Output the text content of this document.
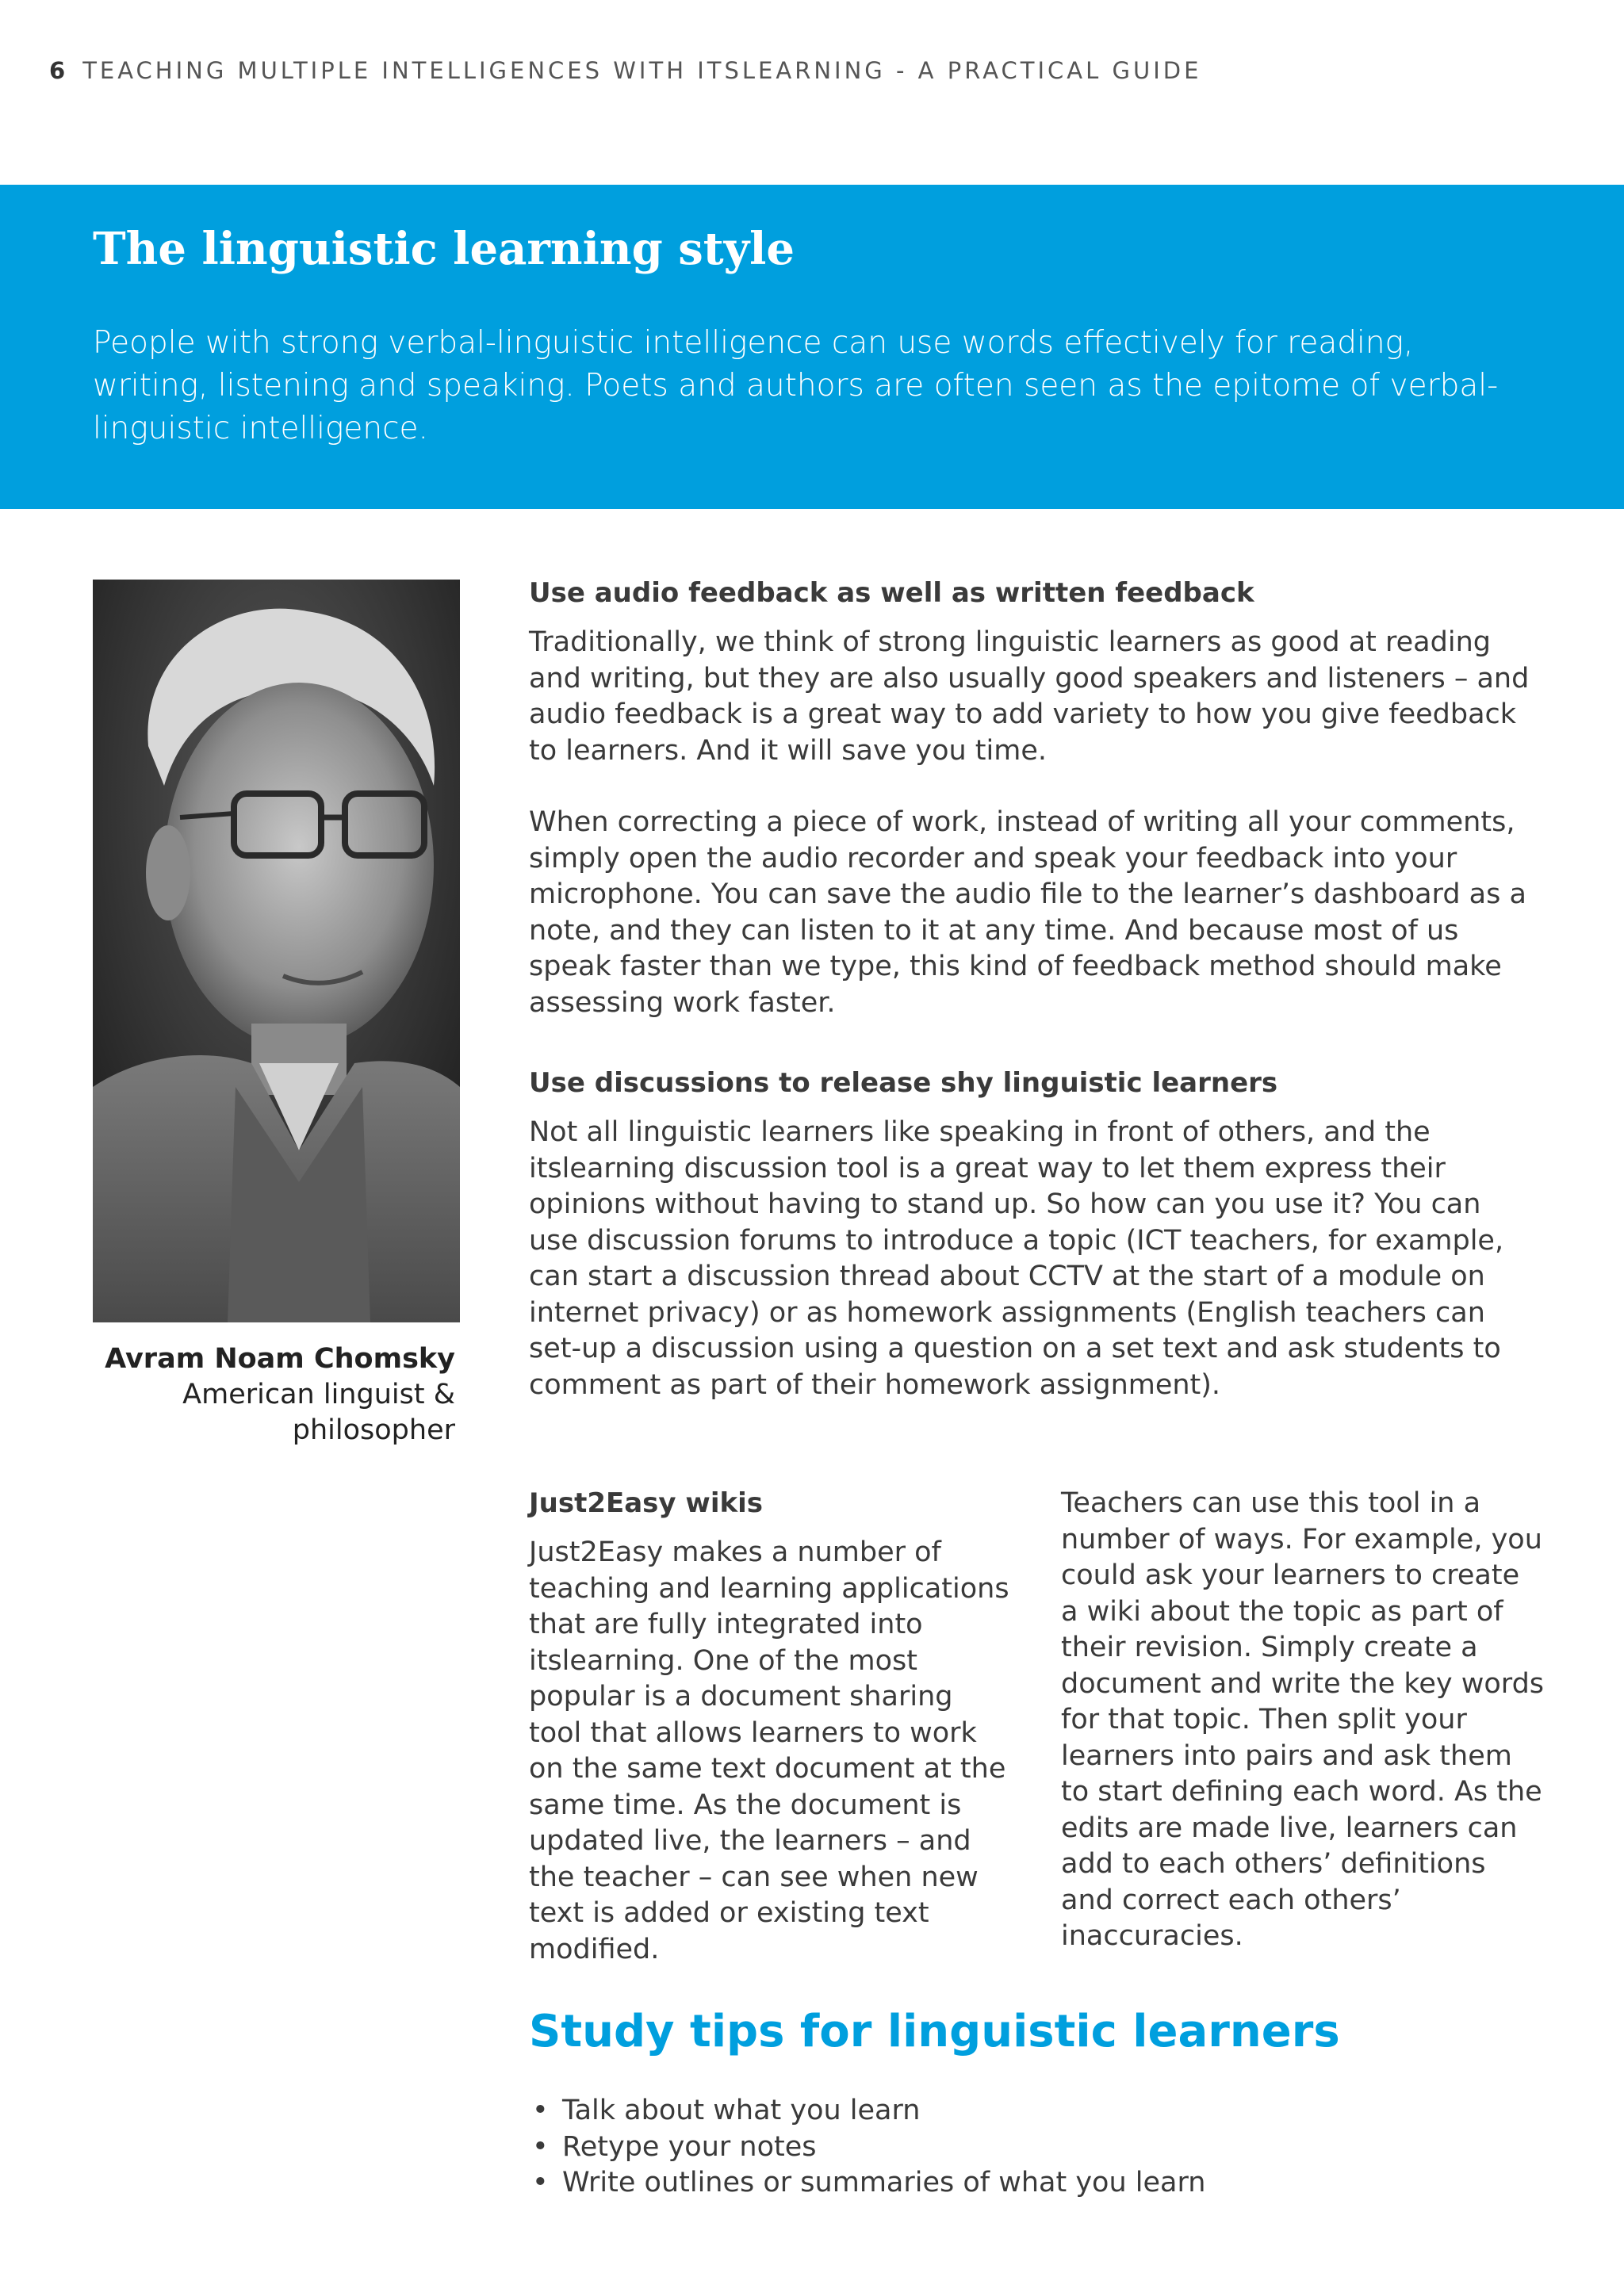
6 TEACHING MULTIPLE INTELLIGENCES WITH ITSLEARNING - A PRACTICAL GUIDE
The linguistic learning style

People with strong verbal-linguistic intelligence can use words effectively for reading, writing, listening and speaking. Poets and authors are often seen as the epitome of verbal-linguistic intelligence.

Avram Noam Chomsky
American linguist &
philosopher
Use audio feedback as well as written feedback

Traditionally, we think of strong linguistic learners as good at reading and writing, but they are also usually good speakers and listeners – and audio feedback is a great way to add variety to how you give feedback to learners. And it will save you time.

When correcting a piece of work, instead of writing all your comments, simply open the audio recorder and speak your feedback into your microphone. You can save the audio file to the learner’s dashboard as a note, and they can listen to it at any time. And because most of us speak faster than we type, this kind of feedback method should make assessing work faster.

Use discussions to release shy linguistic learners

Not all linguistic learners like speaking in front of others, and the itslearning discussion tool is a great way to let them express their opinions without having to stand up. So how can you use it? You can use discussion forums to introduce a topic (ICT teachers, for example, can start a discussion thread about CCTV at the start of a module on internet privacy) or as homework assignments (English teachers can set-up a discussion using a question on a set text and ask students to comment as part of their homework assignment).

Just2Easy wikis

Just2Easy makes a number of teaching and learning applications that are fully integrated into itslearning. One of the most popular is a document sharing tool that allows learners to work on the same text document at the same time. As the document is updated live, the learners – and the teacher – can see when new text is added or existing text modified.

Teachers can use this tool in a number of ways. For example, you could ask your learners to create a wiki about the topic as part of their revision. Simply create a document and write the key words for that topic. Then split your learners into pairs and ask them to start defining each word. As the edits are made live, learners can add to each others’ definitions and correct each others’ inaccuracies.

Study tips for linguistic learners
• Talk about what you learn
• Retype your notes
• Write outlines or summaries of what you learn
